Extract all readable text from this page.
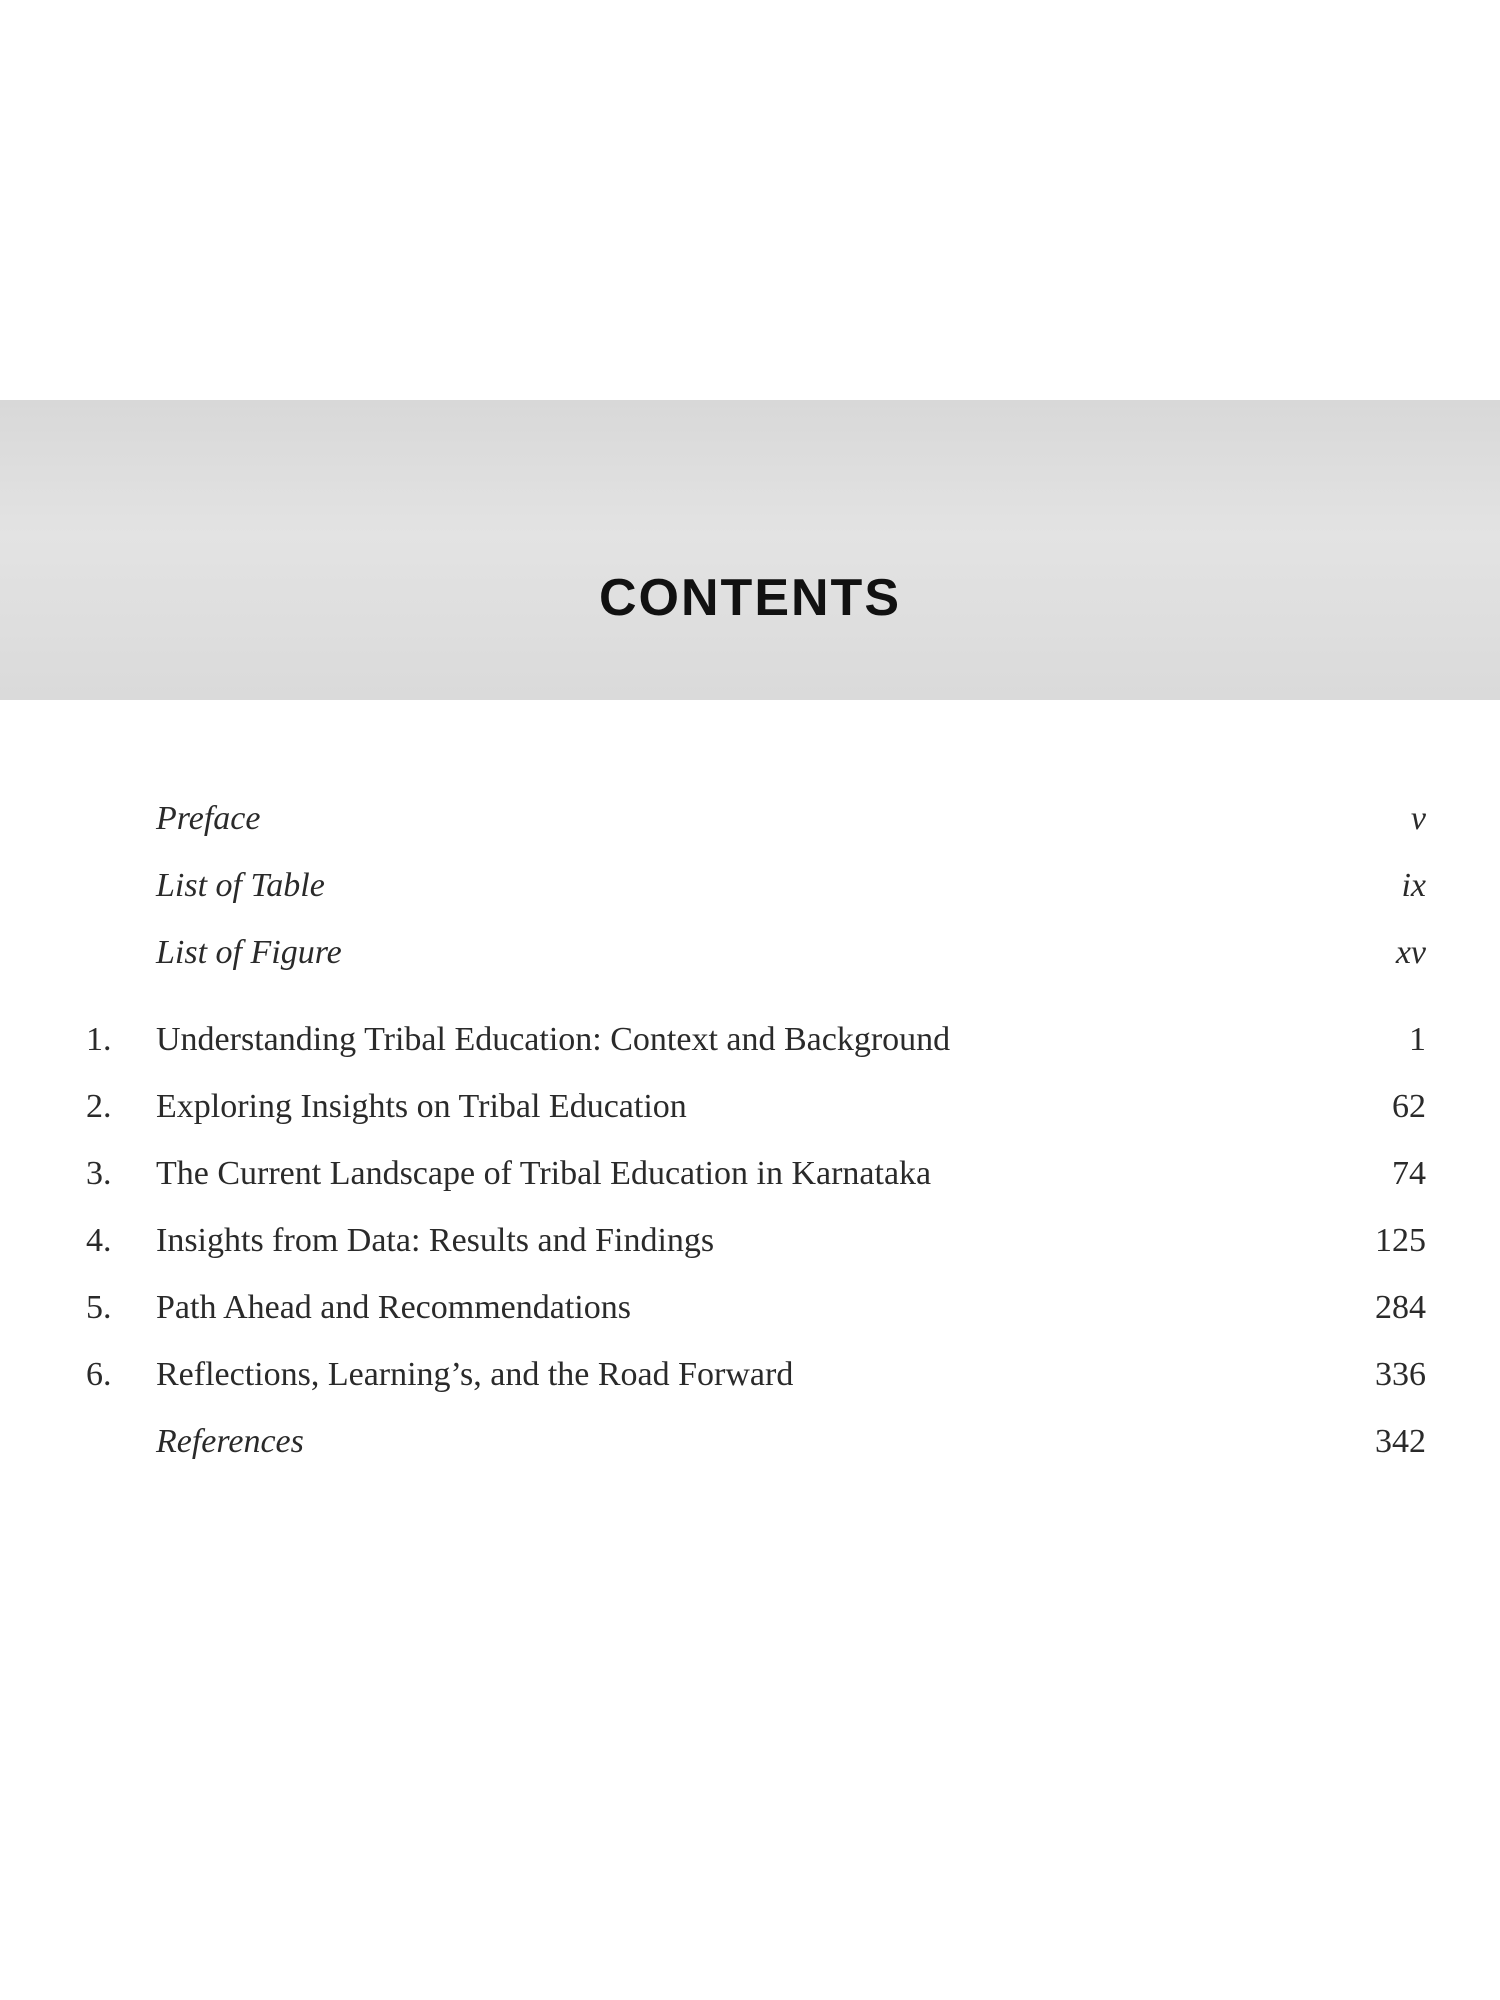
CONTENTS
Preface	v
List of Table	ix
List of Figure	xv
1.	Understanding Tribal Education: Context and Background	1
2.	Exploring Insights on Tribal Education	62
3.	The Current Landscape of Tribal Education in Karnataka	74
4.	Insights from Data: Results and Findings	125
5.	Path Ahead and Recommendations	284
6.	Reflections, Learning’s, and the Road Forward	336
References	342
